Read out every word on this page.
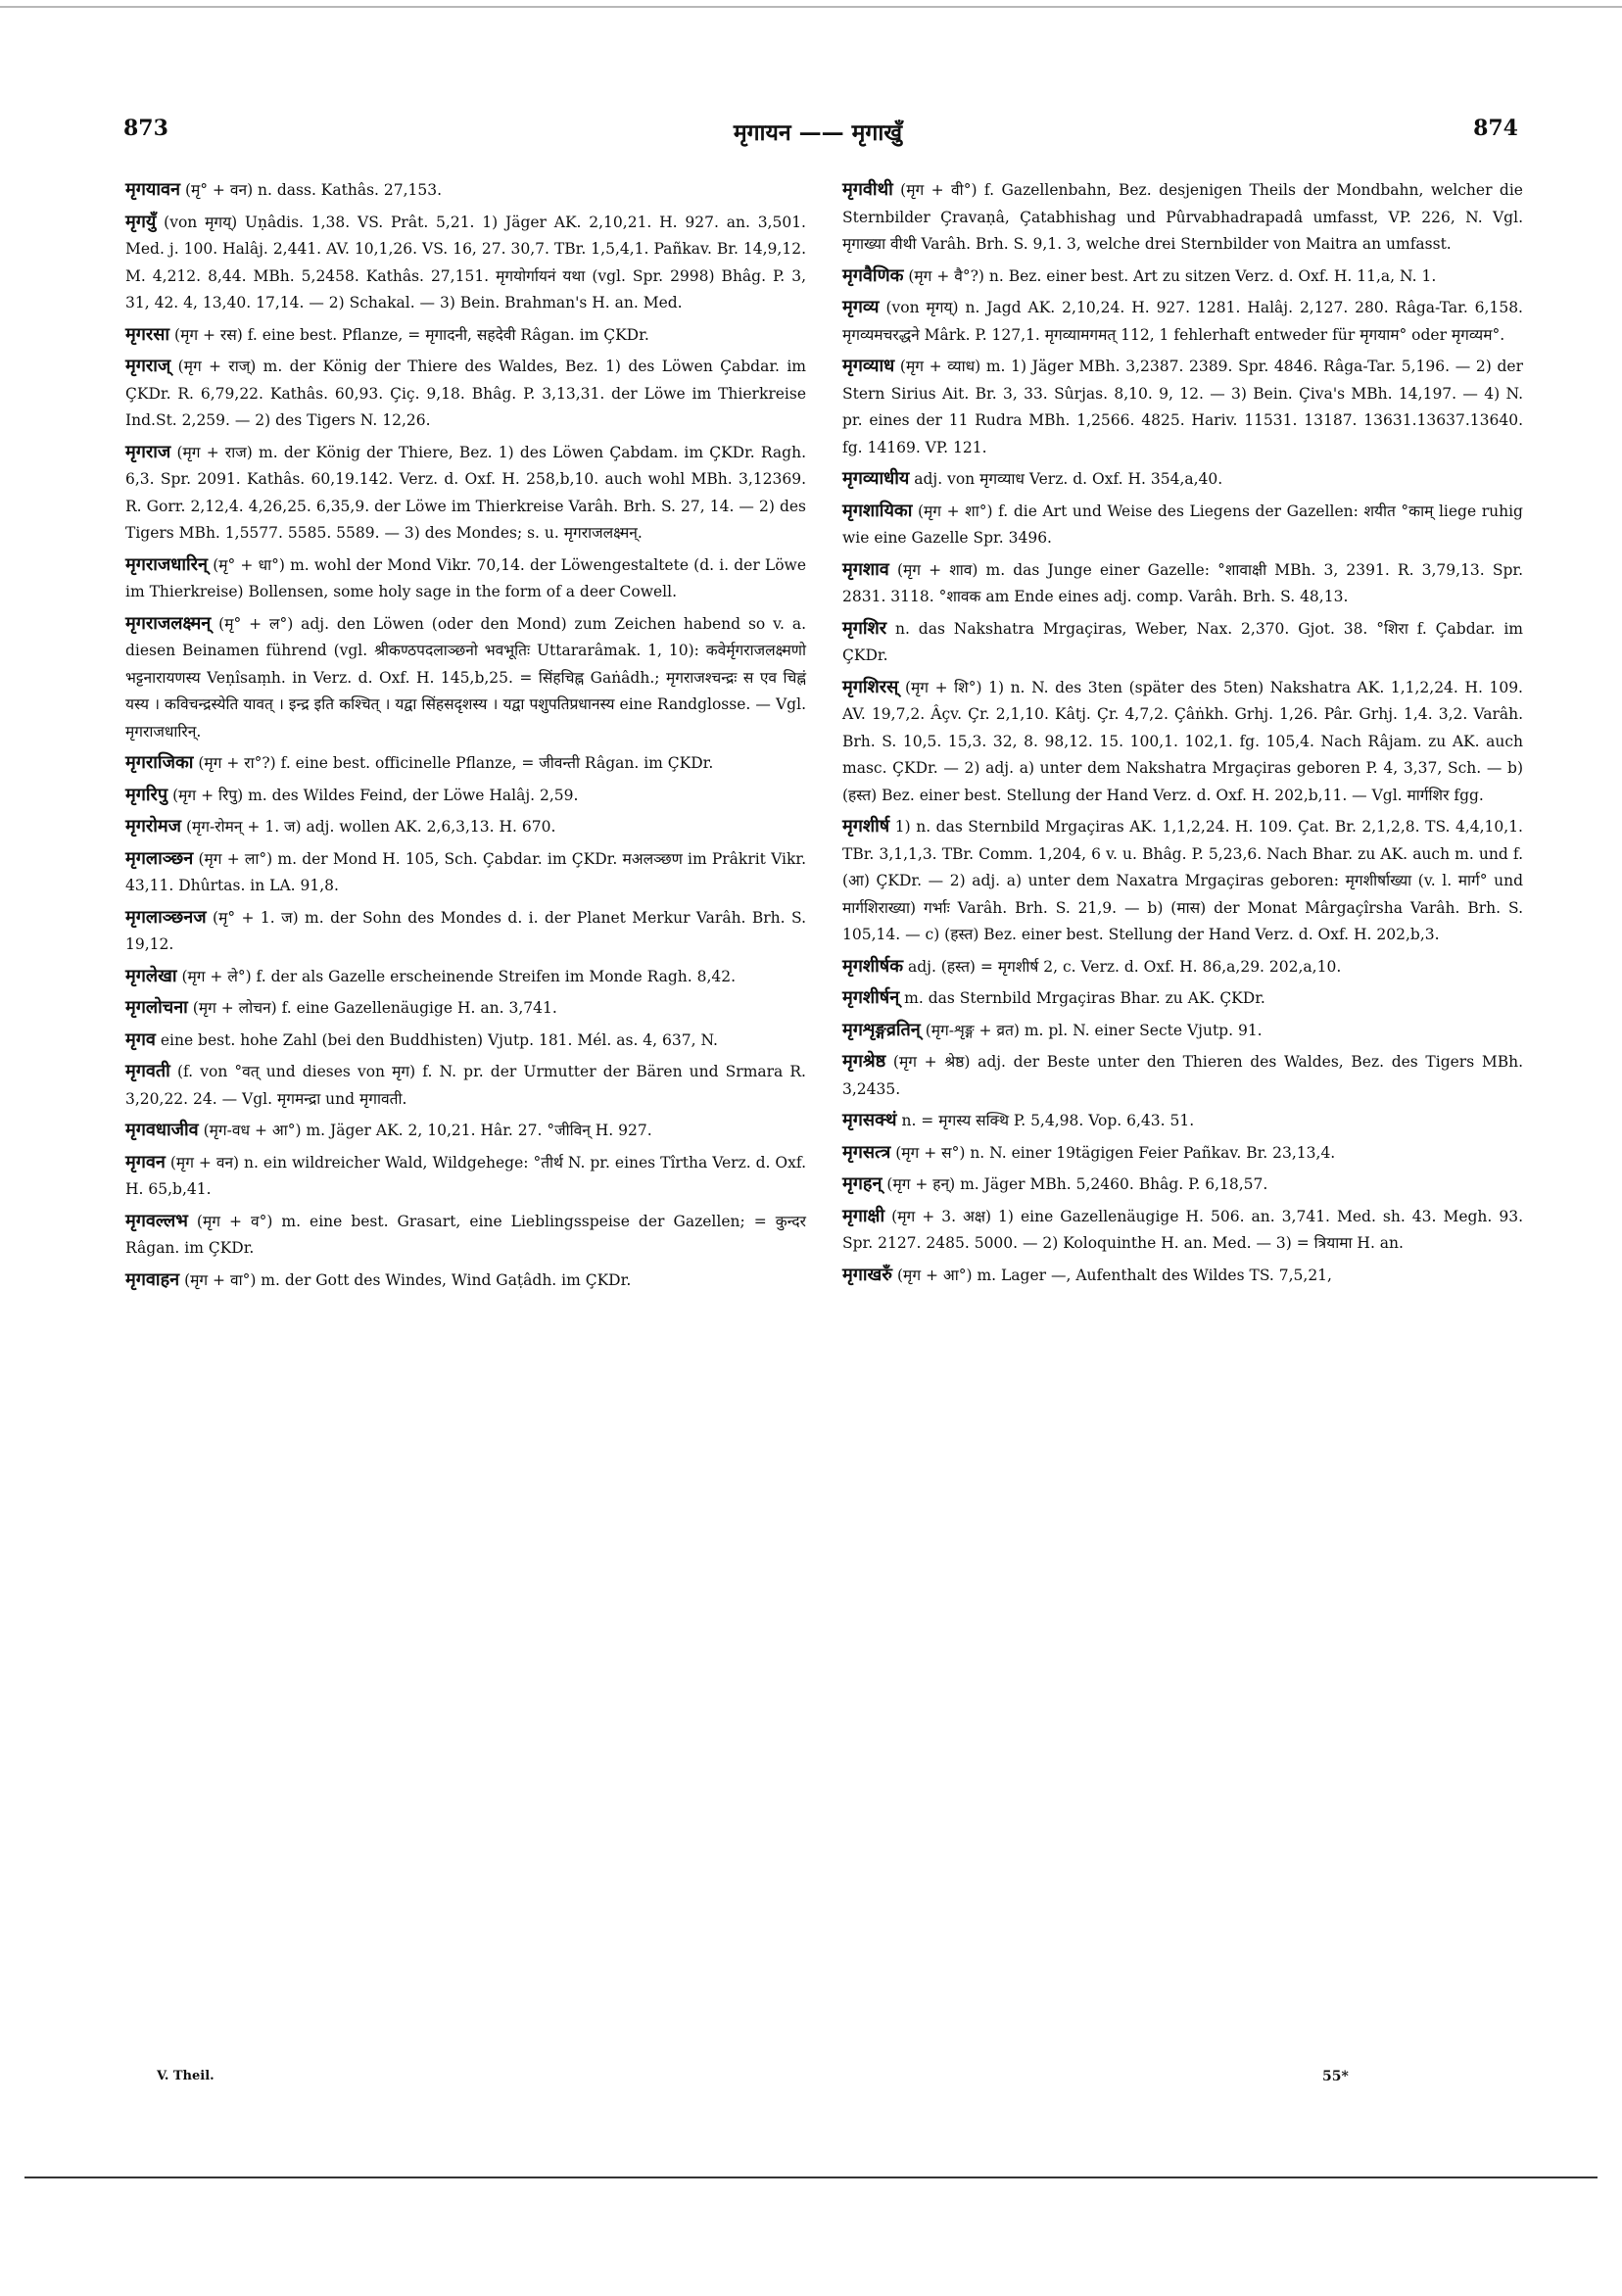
873	मृगायन —— मृगाखुँ	874

मृगयावन (मृ° + वन) n. dass. Kathâs. 27,153.

मृगयुँ (von मृगय्) Uṇâdis. 1,38. VS. Prât. 5,21. 1) Jäger AK. 2,10,21. H. 927. an. 3,501. Med. j. 100. Halâj. 2,441. AV. 10,1,26. VS. 16, 27. 30,7. TBr. 1,5,4,1. Pañkav. Br. 14,9,12. M. 4,212. 8,44. MBh. 5,2458. Kathâs. 27,151. मृगयोर्गायनं यथा (vgl. Spr. 2998) Bhâg. P. 3, 31, 42. 4, 13,40. 17,14. — 2) Schakal. — 3) Bein. Brahman's H. an. Med.

मृगरसा (मृग + रस) f. eine best. Pflanze, = मृगादनी, सहदेवी Râgan. im ÇKDr.

मृगराज् (मृग + राज्) m. der König der Thiere des Waldes, Bez. 1) des Löwen Çabdar. im ÇKDr. R. 6,79,22. Kathâs. 60,93. Çiç. 9,18. Bhâg. P. 3,13,31. der Löwe im Thierkreise Ind.St. 2,259. — 2) des Tigers N. 12,26.

मृगराज (मृग + राज) m. der König der Thiere, Bez. 1) des Löwen Çabdam. im ÇKDr. Ragh. 6,3. Spr. 2091. Kathâs. 60,19.142. Verz. d. Oxf. H. 258,b,10. auch wohl MBh. 3,12369. R. Gorr. 2,12,4. 4,26,25. 6,35,9. der Löwe im Thierkreise Varâh. Brh. S. 27, 14. — 2) des Tigers MBh. 1,5577. 5585. 5589. — 3) des Mondes; s. u. मृगराजलक्ष्मन्.

मृगराजधारिन् (मृ° + धा°) m. wohl der Mond Vikr. 70,14. der Löwengestaltete (d. i. der Löwe im Thierkreise) Bollensen, some holy sage in the form of a deer Cowell.

मृगराजलक्ष्मन् (मृ° + ल°) adj. den Löwen (oder den Mond) zum Zeichen habend so v. a. diesen Beinamen führend (vgl. श्रीकण्ठपदलाञ्छनो भवभूतिः Uttararâmak. 1, 10): कवेर्मृगराजलक्ष्मणो भट्टनारायणस्य Veṇîsaṃh. in Verz. d. Oxf. H. 145,b,25. = सिंहचिह्न Gaṅâdh.; मृगराजश्चन्द्रः स एव चिह्नं यस्य । कविचन्द्रस्येति यावत् । इन्द्र इति कश्चित् । यद्वा सिंहसदृशस्य । यद्वा पशुपतिप्रधानस्य eine Randglosse. — Vgl. मृगराजधारिन्.

मृगराजिका (मृग + रा°?) f. eine best. officinelle Pflanze, = जीवन्ती Râgan. im ÇKDr.

मृगरिपु (मृग + रिपु) m. des Wildes Feind, der Löwe Halâj. 2,59.

मृगरोमज (मृग-रोमन् + 1. ज) adj. wollen AK. 2,6,3,13. H. 670.

मृगलाञ्छन (मृग + ला°) m. der Mond H. 105, Sch. Çabdar. im ÇKDr. मअलञ्छण im Prâkrit Vikr. 43,11. Dhûrtas. in LA. 91,8.

मृगलाञ्छनज (मृ° + 1. ज) m. der Sohn des Mondes d. i. der Planet Merkur Varâh. Brh. S. 19,12.

मृगलेखा (मृग + ले°) f. der als Gazelle erscheinende Streifen im Monde Ragh. 8,42.

मृगलोचना (मृग + लोचन) f. eine Gazellenäugige H. an. 3,741.

मृगव eine best. hohe Zahl (bei den Buddhisten) Vjutp. 181. Mél. as. 4, 637, N.

मृगवती (f. von °वत् und dieses von मृग) f. N. pr. der Urmutter der Bären und Srmara R. 3,20,22. 24. — Vgl. मृगमन्द्रा und मृगावती.

मृगवधाजीव (मृग-वध + आ°) m. Jäger AK. 2, 10,21. Hâr. 27. °जीविन् H. 927.

मृगवन (मृग + वन) n. ein wildreicher Wald, Wildgehege: °तीर्थ N. pr. eines Tîrtha Verz. d. Oxf. H. 65,b,41.

मृगवल्लभ (मृग + व°) m. eine best. Grasart, eine Lieblingsspeise der Gazellen; = कुन्दर Râgan. im ÇKDr.

मृगवाहन (मृग + वा°) m. der Gott des Windes, Wind Gaṭâdh. im ÇKDr.

मृगवीथी (मृग + वी°) f. Gazellenbahn, Bez. desjenigen Theils der Mondbahn, welcher die Sternbilder Çravaṇâ, Çatabhishag und Pûrvabhadrapadâ umfasst, VP. 226, N. Vgl. मृगाख्या वीथी Varâh. Brh. S. 9,1. 3, welche drei Sternbilder von Maitra an umfasst.

मृगवैणिक (मृग + वै°?) n. Bez. einer best. Art zu sitzen Verz. d. Oxf. H. 11,a, N. 1.

मृगव्य (von मृगय्) n. Jagd AK. 2,10,24. H. 927. 1281. Halâj. 2,127. 280. Râga-Tar. 6,158. मृगव्यमचरद्धने Mârk. P. 127,1. मृगव्यामगमत् 112, 1 fehlerhaft entweder für मृगयाम° oder मृगव्यम°.

मृगव्याध (मृग + व्याध) m. 1) Jäger MBh. 3,2387. 2389. Spr. 4846. Râga-Tar. 5,196. — 2) der Stern Sirius Ait. Br. 3, 33. Sûrjas. 8,10. 9, 12. — 3) Bein. Çiva's MBh. 14,197. — 4) N. pr. eines der 11 Rudra MBh. 1,2566. 4825. Hariv. 11531. 13187. 13631.13637.13640. fg. 14169. VP. 121.

मृगव्याधीय adj. von मृगव्याध Verz. d. Oxf. H. 354,a,40.

मृगशायिका (मृग + शा°) f. die Art und Weise des Liegens der Gazellen: शयीत °काम् liege ruhig wie eine Gazelle Spr. 3496.

मृगशाव (मृग + शाव) m. das Junge einer Gazelle: °शावाक्षी MBh. 3, 2391. R. 3,79,13. Spr. 2831. 3118. °शावक am Ende eines adj. comp. Varâh. Brh. S. 48,13.

मृगशिर n. das Nakshatra Mrgaçiras, Weber, Nax. 2,370. Gjot. 38. °शिरा f. Çabdar. im ÇKDr.

मृगशिरस् (मृग + शि°) 1) n. N. des 3ten (später des 5ten) Nakshatra AK. 1,1,2,24. H. 109. AV. 19,7,2. Âçv. Çr. 2,1,10. Kâtj. Çr. 4,7,2. Çâṅkh. Grhj. 1,26. Pâr. Grhj. 1,4. 3,2. Varâh. Brh. S. 10,5. 15,3. 32, 8. 98,12. 15. 100,1. 102,1. fg. 105,4. Nach Râjam. zu AK. auch masc. ÇKDr. — 2) adj. a) unter dem Nakshatra Mrgaçiras geboren P. 4, 3,37, Sch. — b) (हस्त) Bez. einer best. Stellung der Hand Verz. d. Oxf. H. 202,b,11. — Vgl. मार्गशिर fgg.

मृगशीर्ष 1) n. das Sternbild Mrgaçiras AK. 1,1,2,24. H. 109. Çat. Br. 2,1,2,8. TS. 4,4,10,1. TBr. 3,1,1,3. TBr. Comm. 1,204, 6 v. u. Bhâg. P. 5,23,6. Nach Bhar. zu AK. auch m. und f. (आ) ÇKDr. — 2) adj. a) unter dem Naxatra Mrgaçiras geboren: मृगशीर्षाख्या (v. l. मार्ग° und मार्गशिराख्या) गर्भाः Varâh. Brh. S. 21,9. — b) (मास) der Monat Mârgaçîrsha Varâh. Brh. S. 105,14. — c) (हस्त) Bez. einer best. Stellung der Hand Verz. d. Oxf. H. 202,b,3.

मृगशीर्षक adj. (हस्त) = मृगशीर्ष 2, c. Verz. d. Oxf. H. 86,a,29. 202,a,10.

मृगशीर्षन् m. das Sternbild Mrgaçiras Bhar. zu AK. ÇKDr.

मृगशृङ्गव्रतिन् (मृग-शृङ्ग + व्रत) m. pl. N. einer Secte Vjutp. 91.

मृगश्रेष्ठ (मृग + श्रेष्ठ) adj. der Beste unter den Thieren des Waldes, Bez. des Tigers MBh. 3,2435.

मृगसक्थं n. = मृगस्य सक्थि P. 5,4,98. Vop. 6,43. 51.

मृगसत्त्र (मृग + स°) n. N. einer 19tägigen Feier Pañkav. Br. 23,13,4.

मृगहन् (मृग + हन्) m. Jäger MBh. 5,2460. Bhâg. P. 6,18,57.

मृगाक्षी (मृग + 3. अक्ष) 1) eine Gazellenäugige H. 506. an. 3,741. Med. sh. 43. Megh. 93. Spr. 2127. 2485. 5000. — 2) Koloquinthe H. an. Med. — 3) = त्रियामा H. an.

मृगाखरुँ (मृग + आ°) m. Lager —, Aufenthalt des Wildes TS. 7,5,21,

V. Theil.	55*
